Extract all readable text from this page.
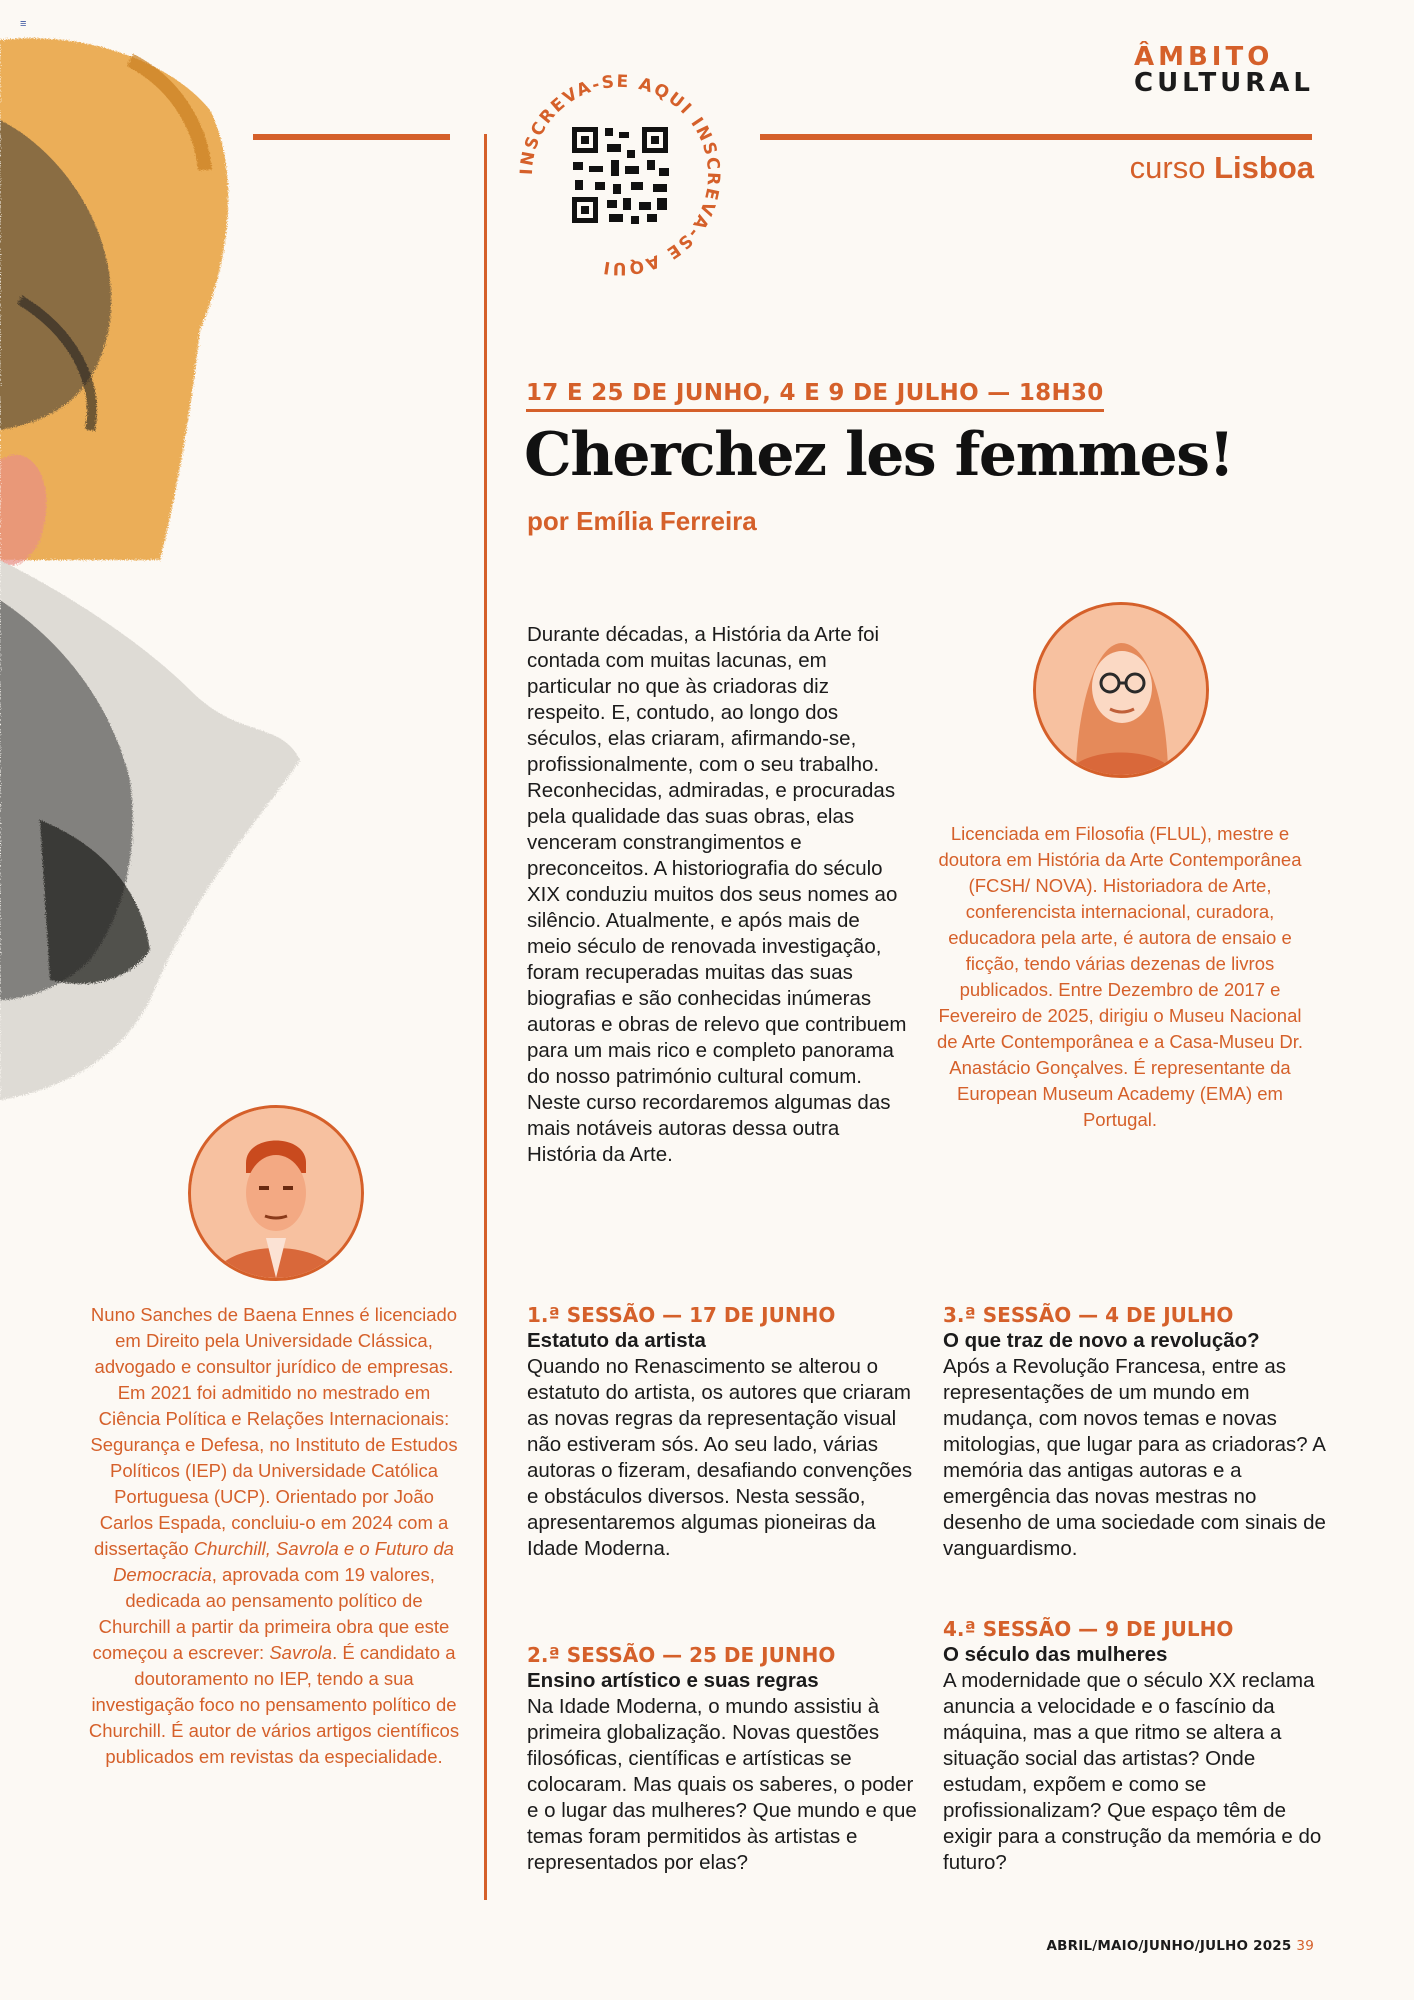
≡
ÂMBITO
CULTURAL
curso Lisboa
INSCREVA-SE AQUI INSCREVA-SE AQUI
17 E 25 DE JUNHO, 4 E 9 DE JULHO — 18H30
Cherchez les femmes!
por Emília Ferreira
Durante décadas, a História da Arte foi contada com muitas lacunas, em particular no que às criadoras diz respeito. E, contudo, ao longo dos séculos, elas criaram, afirmando-se, profissionalmente, com o seu trabalho. Reconhecidas, admiradas, e procuradas pela qualidade das suas obras, elas venceram constrangimentos e preconceitos. A historiografia do século XIX conduziu muitos dos seus nomes ao silêncio. Atualmente, e após mais de meio século de renovada investigação, foram recuperadas muitas das suas biografias e são conhecidas inúmeras autoras e obras de relevo que contribuem para um mais rico e completo panorama do nosso património cultural comum. Neste curso recordaremos algumas das mais notáveis autoras dessa outra História da Arte.
Licenciada em Filosofia (FLUL), mestre e doutora em História da Arte Contemporânea (FCSH/ NOVA). Historiadora de Arte, conferencista internacional, curadora, educadora pela arte, é autora de ensaio e ficção, tendo várias dezenas de livros publicados. Entre Dezembro de 2017 e Fevereiro de 2025, dirigiu o Museu Nacional de Arte Contemporânea e a Casa-Museu Dr. Anastácio Gonçalves. É representante da European Museum Academy (EMA) em Portugal.
Nuno Sanches de Baena Ennes é licenciado em Direito pela Universidade Clássica, advogado e consultor jurídico de empresas. Em 2021 foi admitido no mestrado em Ciência Política e Relações Internacionais: Segurança e Defesa, no Instituto de Estudos Políticos (IEP) da Universidade Católica Portuguesa (UCP). Orientado por João Carlos Espada, concluiu-o em 2024 com a dissertação Churchill, Savrola e o Futuro da Democracia, aprovada com 19 valores, dedicada ao pensamento político de Churchill a partir da primeira obra que este começou a escrever: Savrola. É candidato a doutoramento no IEP, tendo a sua investigação foco no pensamento político de Churchill. É autor de vários artigos científicos publicados em revistas da especialidade.
1.ª SESSÃO — 17 DE JUNHO
Estatuto da artista
Quando no Renascimento se alterou o estatuto do artista, os autores que criaram as novas regras da representação visual não estiveram sós. Ao seu lado, várias autoras o fizeram, desafiando convenções e obstáculos diversos. Nesta sessão, apresentaremos algumas pioneiras da Idade Moderna.
2.ª SESSÃO — 25 DE JUNHO
Ensino artístico e suas regras
Na Idade Moderna, o mundo assistiu à primeira globalização. Novas questões filosóficas, científicas e artísticas se colocaram. Mas quais os saberes, o poder e o lugar das mulheres? Que mundo e que temas foram permitidos às artistas e representados por elas?
3.ª SESSÃO — 4 DE JULHO
O que traz de novo a revolução?
Após a Revolução Francesa, entre as representações de um mundo em mudança, com novos temas e novas mitologias, que lugar para as criadoras? A memória das antigas autoras e a emergência das novas mestras no desenho de uma sociedade com sinais de vanguardismo.
4.ª SESSÃO — 9 DE JULHO
O século das mulheres
A modernidade que o século XX reclama anuncia a velocidade e o fascínio da máquina, mas a que ritmo se altera a situação social das artistas? Onde estudam, expõem e como se profissionalizam? Que espaço têm de exigir para a construção da memória e do futuro?
ABRIL/MAIO/JUNHO/JULHO 2025 39
